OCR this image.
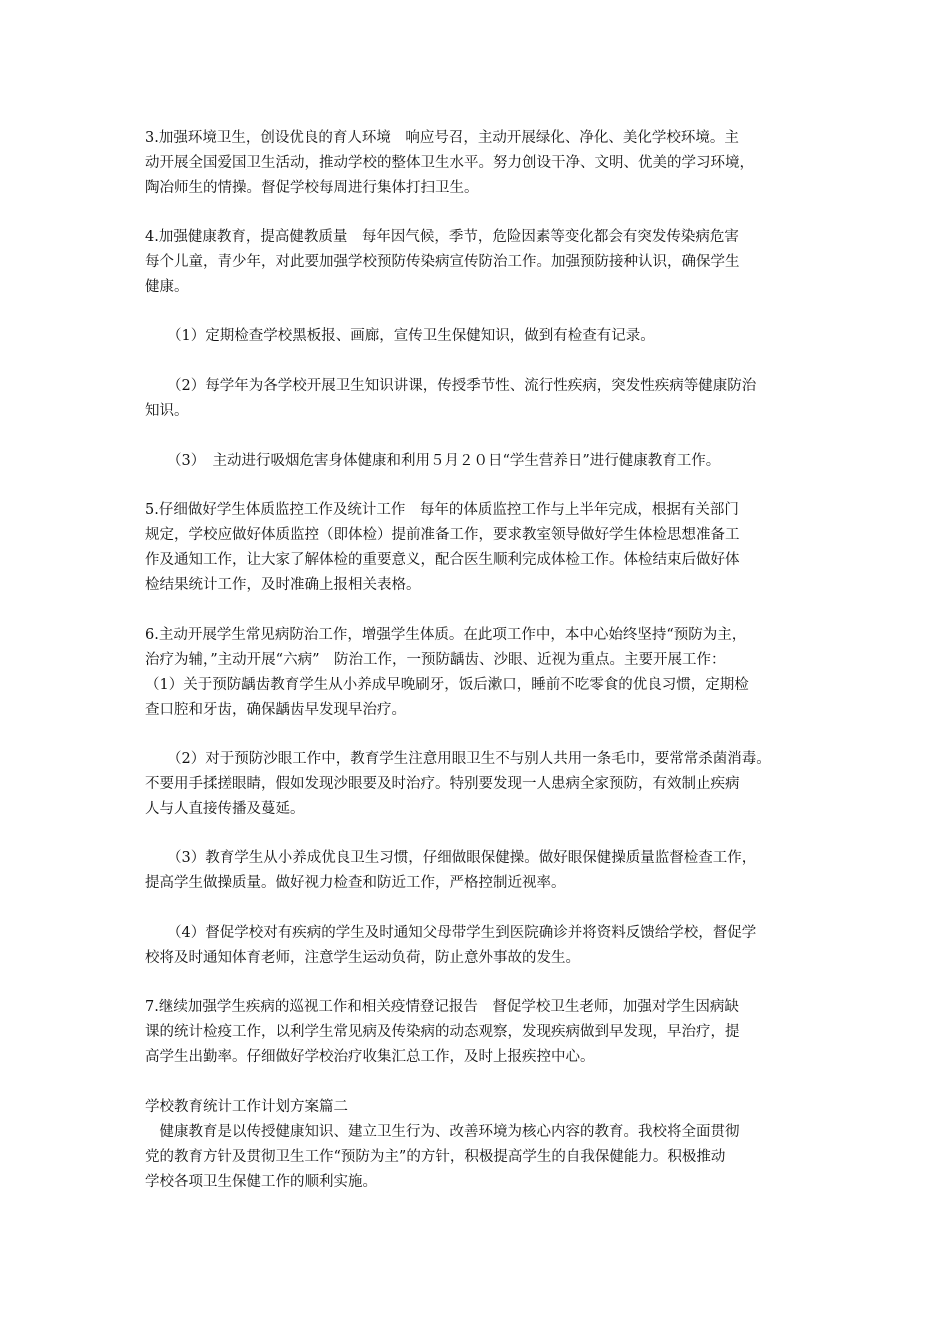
3.加强环境卫生，创设优良的育人环境　响应号召，主动开展绿化、净化、美化学校环境。主
动开展全国爱国卫生活动，推动学校的整体卫生水平。努力创设干净、文明、优美的学习环境，
陶冶师生的情操。督促学校每周进行集体打扫卫生。
4.加强健康教育，提高健教质量　每年因气候，季节，危险因素等变化都会有突发传染病危害
每个儿童，青少年，对此要加强学校预防传染病宣传防治工作。加强预防接种认识，确保学生
健康。
（1）定期检查学校黑板报、画廊，宣传卫生保健知识，做到有检查有记录。
（2）每学年为各学校开展卫生知识讲课，传授季节性、流行性疾病，突发性疾病等健康防治
知识。
（3）　主动进行吸烟危害身体健康和利用５月２０日“学生营养日”进行健康教育工作。
5.仔细做好学生体质监控工作及统计工作　每年的体质监控工作与上半年完成，根据有关部门
规定，学校应做好体质监控（即体检）提前准备工作，要求教室领导做好学生体检思想准备工
作及通知工作，让大家了解体检的重要意义，配合医生顺利完成体检工作。体检结束后做好体
检结果统计工作，及时准确上报相关表格。
6.主动开展学生常见病防治工作，增强学生体质。在此项工作中，本中心始终坚持“预防为主，
治疗为辅，”主动开展“六病”　防治工作，一预防龋齿、沙眼、近视为重点。主要开展工作：
（1）关于预防龋齿教育学生从小养成早晚刷牙，饭后漱口，睡前不吃零食的优良习惯，定期检
查口腔和牙齿，确保龋齿早发现早治疗。
（2）对于预防沙眼工作中，教育学生注意用眼卫生不与别人共用一条毛巾，要常常杀菌消毒。
不要用手揉搓眼睛，假如发现沙眼要及时治疗。特别要发现一人患病全家预防，有效制止疾病
人与人直接传播及蔓延。
（3）教育学生从小养成优良卫生习惯，仔细做眼保健操。做好眼保健操质量监督检查工作，
提高学生做操质量。做好视力检查和防近工作，严格控制近视率。
（4）督促学校对有疾病的学生及时通知父母带学生到医院确诊并将资料反馈给学校，督促学
校将及时通知体育老师，注意学生运动负荷，防止意外事故的发生。
7.继续加强学生疾病的巡视工作和相关疫情登记报告　督促学校卫生老师，加强对学生因病缺
课的统计检疫工作，以利学生常见病及传染病的动态观察，发现疾病做到早发现，早治疗，提
高学生出勤率。仔细做好学校治疗收集汇总工作，及时上报疾控中心。
学校教育统计工作计划方案篇二
　健康教育是以传授健康知识、建立卫生行为、改善环境为核心内容的教育。我校将全面贯彻
党的教育方针及贯彻卫生工作“预防为主”的方针，积极提高学生的自我保健能力。积极推动
学校各项卫生保健工作的顺利实施。
